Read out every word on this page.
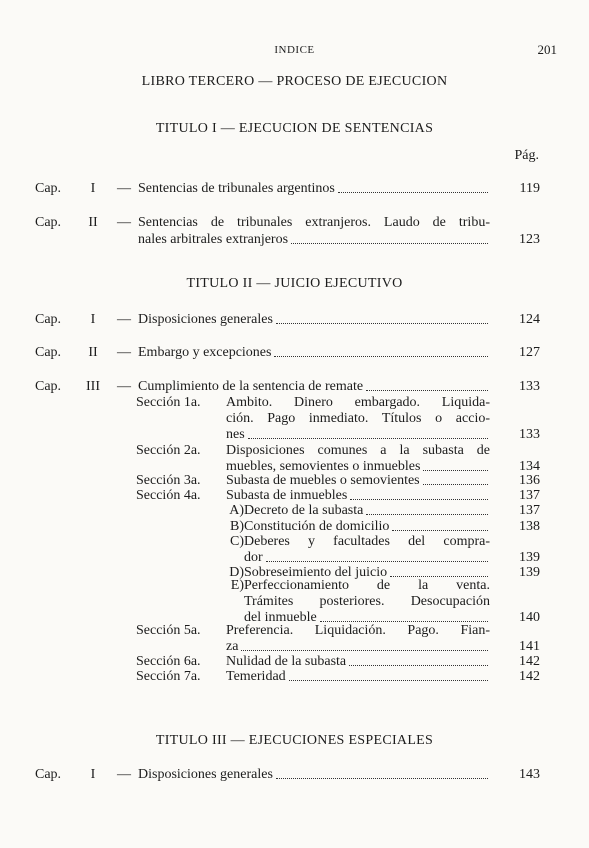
INDICE	201
LIBRO TERCERO — PROCESO DE EJECUCION
TITULO I — EJECUCION DE SENTENCIAS
Pág.
Cap.	I	— Sentencias de tribunales argentinos	119
Cap.	II	— Sentencias de tribunales extranjeros. Laudo de tribu-
nales arbitrales extranjeros	123
TITULO II — JUICIO EJECUTIVO
Cap.	I	— Disposiciones generales	124
Cap.	II	— Embargo y excepciones	127
Cap.	III	— Cumplimiento de la sentencia de remate	133
Sección 1a.	Ambito. Dinero embargado. Liquida-
ción. Pago inmediato. Títulos o accio-
nes	133
Sección 2a.	Disposiciones comunes a la subasta de
muebles, semovientes o inmuebles	134
Sección 3a.	Subasta de muebles o semovientes	136
Sección 4a.	Subasta de inmuebles	137
A) Decreto de la subasta	137
B) Constitución de domicilio	138
C) Deberes y facultades del compra-
dor	139
D) Sobreseimiento del juicio	139
E) Perfeccionamiento de la venta.
Trámites posteriores. Desocupación
del inmueble	140
Sección 5a.	Preferencia. Liquidación. Pago. Fian-
za	141
Sección 6a.	Nulidad de la subasta	142
Sección 7a.	Temeridad	142
TITULO III — EJECUCIONES ESPECIALES
Cap.	I	— Disposiciones generales	143
